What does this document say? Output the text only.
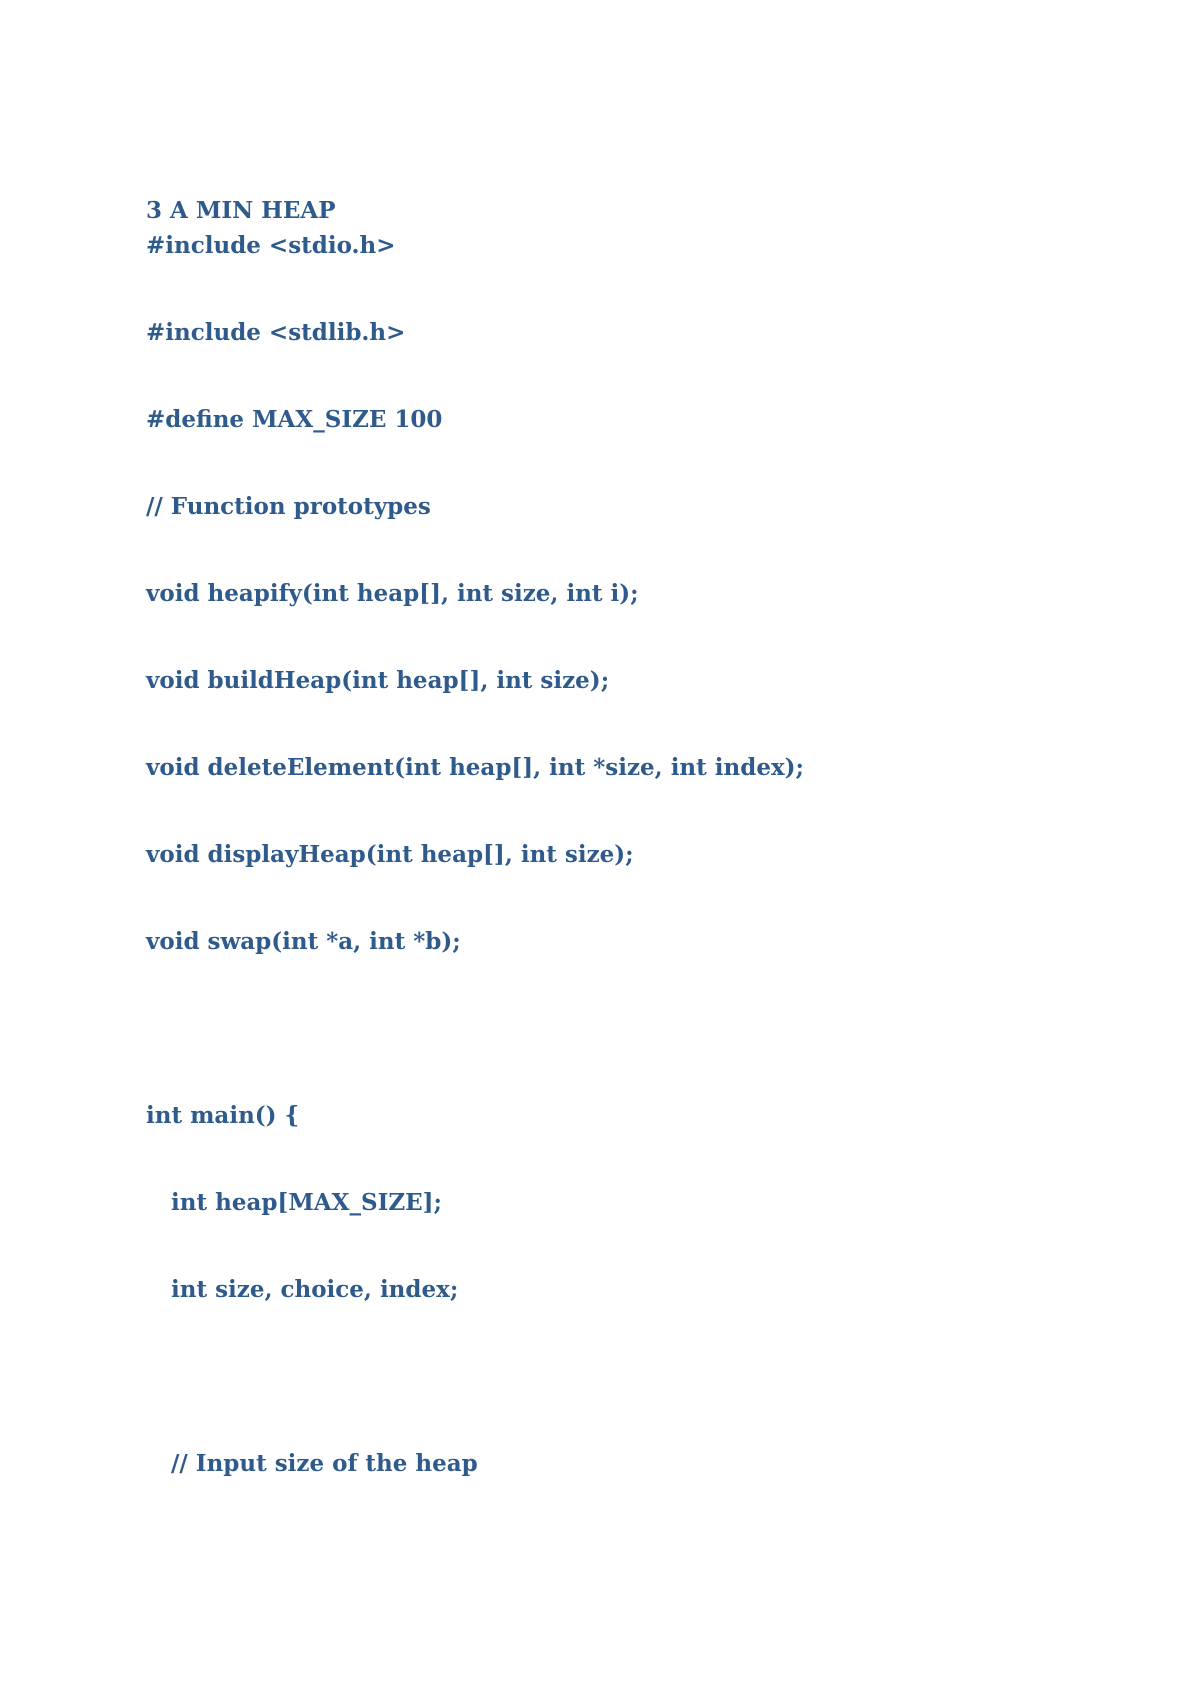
3 A MIN HEAP
#include <stdio.h>
#include <stdlib.h>
#define MAX_SIZE 100
// Function prototypes
void heapify(int heap[], int size, int i);
void buildHeap(int heap[], int size);
void deleteElement(int heap[], int *size, int index);
void displayHeap(int heap[], int size);
void swap(int *a, int *b);
int main() {
int heap[MAX_SIZE];
int size, choice, index;
// Input size of the heap
